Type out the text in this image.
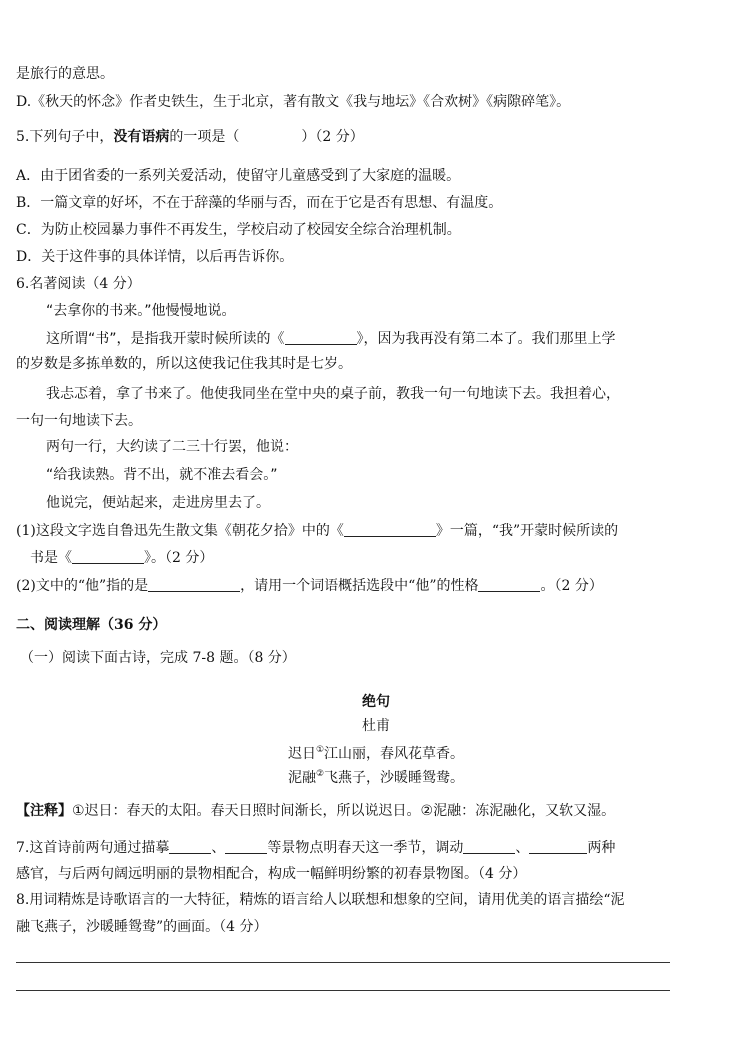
是旅行的意思。
D.《秋天的怀念》作者史铁生，生于北京，著有散文《我与地坛》《合欢树》《病隙碎笔》。
5.下列句子中，没有语病的一项是（	）（2 分）
A．由于团省委的一系列关爱活动，使留守儿童感受到了大家庭的温暖。
B．一篇文章的好坏，不在于辞藻的华丽与否，而在于它是否有思想、有温度。
C．为防止校园暴力事件不再发生，学校启动了校园安全综合治理机制。
D．关于这件事的具体详情，以后再告诉你。
6.名著阅读（4 分）
“去拿你的书来。”他慢慢地说。
这所谓“书”，是指我开蒙时候所读的《	》，因为我再没有第二本了。我们那里上学
的岁数是多拣单数的，所以这使我记住我其时是七岁。
我忐忑着，拿了书来了。他使我同坐在堂中央的桌子前，教我一句一句地读下去。我担着心，
一句一句地读下去。
两句一行，大约读了二三十行罢，他说：
“给我读熟。背不出，就不准去看会。”
他说完，便站起来，走进房里去了。
(1)这段文字选自鲁迅先生散文集《朝花夕拾》中的《	》一篇，“我”开蒙时候所读的
书是《	》。（2 分）
(2)文中的“他”指的是	，请用一个词语概括选段中“他”的性格	。（2 分）
二、阅读理解（36 分）
（一）阅读下面古诗，完成 7-8 题。（8 分）
绝句
杜甫
迟日①江山丽，春风花草香。
泥融②飞燕子，沙暖睡鸳鸯。
【注释】①迟日：春天的太阳。春天日照时间渐长，所以说迟日。②泥融：冻泥融化，又软又湿。
7.这首诗前两句通过描摹	、	等景物点明春天这一季节，调动	、	两种
感官，与后两句阔远明丽的景物相配合，构成一幅鲜明纷繁的初春景物图。（4 分）
8.用词精炼是诗歌语言的一大特征，精炼的语言给人以联想和想象的空间，请用优美的语言描绘“泥
融飞燕子，沙暖睡鸳鸯”的画面。（4 分）
